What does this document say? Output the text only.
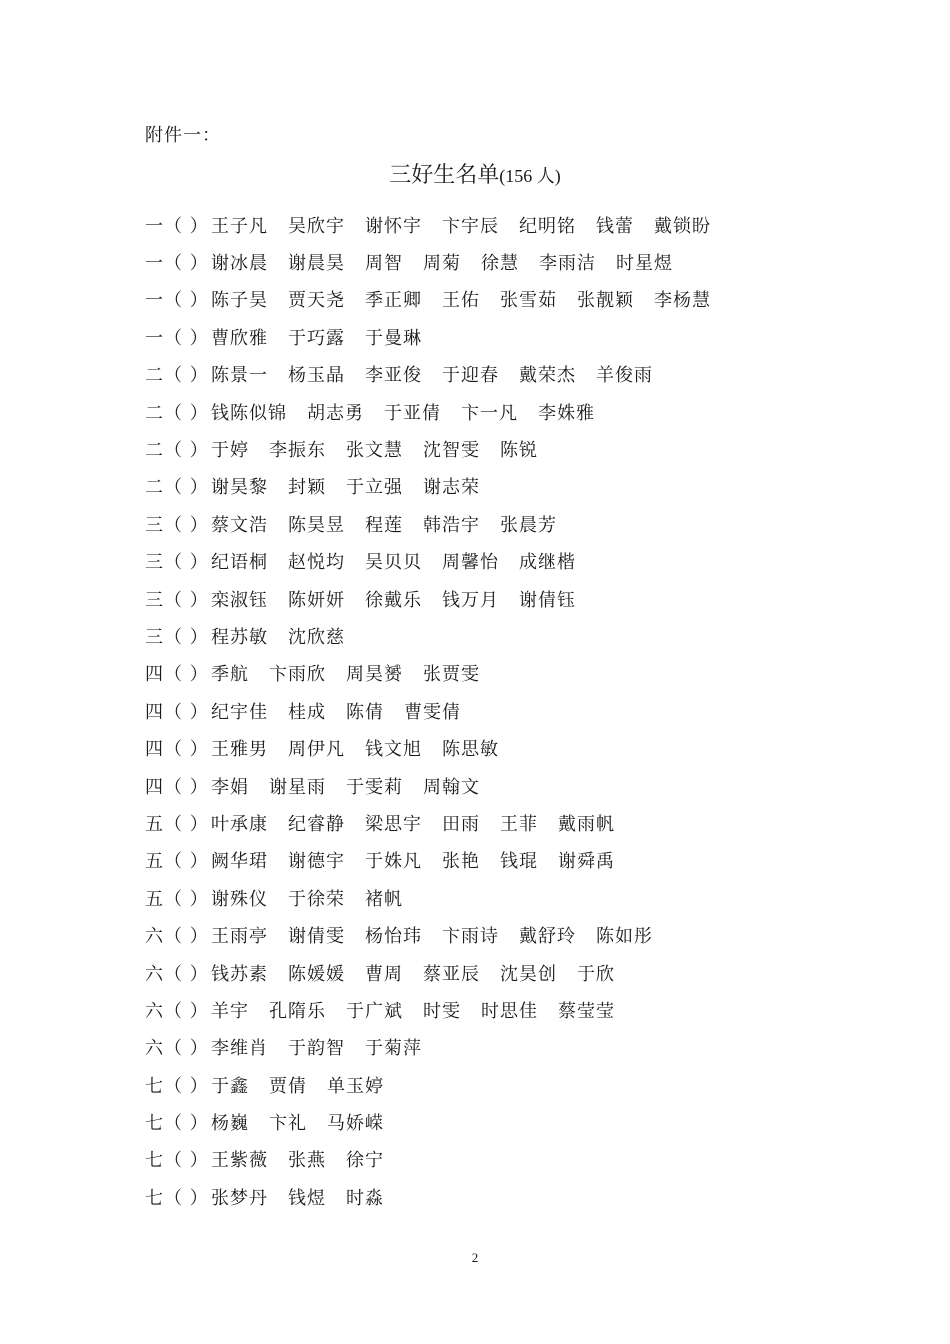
附件一：
三好生名单(156 人)
一（ ） 王子凡 吴欣宇 谢怀宇 卞宇辰 纪明铭 钱蕾 戴锁盼
一（ ） 谢冰晨 谢晨昊 周智 周菊 徐慧 李雨洁 时星煜
一（ ） 陈子昊 贾天尧 季正卿 王佑 张雪茹 张靓颖 李杨慧
一（ ） 曹欣雅 于巧露 于曼琳
二（ ） 陈景一 杨玉晶 李亚俊 于迎春 戴荣杰 羊俊雨
二（ ） 钱陈似锦 胡志勇 于亚倩 卞一凡 李姝雅
二（ ） 于婷 李振东 张文慧 沈智雯 陈锐
二（ ） 谢昊黎 封颖 于立强 谢志荣
三（ ） 蔡文浩 陈昊昱 程莲 韩浩宇 张晨芳
三（ ） 纪语桐 赵悦均 吴贝贝 周馨怡 成继楷
三（ ） 栾淑钰 陈妍妍 徐戴乐 钱万月 谢倩钰
三（ ） 程苏敏 沈欣慈
四（ ） 季航 卞雨欣 周昊赟 张贾雯
四（ ） 纪宇佳 桂成 陈倩 曹雯倩
四（ ） 王雅男 周伊凡 钱文旭 陈思敏
四（ ） 李娟 谢星雨 于雯莉 周翰文
五（ ） 叶承康 纪睿静 梁思宇 田雨 王菲 戴雨帆
五（ ） 阙华珺 谢德宇 于姝凡 张艳 钱琨 谢舜禹
五（ ） 谢殊仪 于徐荣 褚帆
六（ ） 王雨亭 谢倩雯 杨怡玮 卞雨诗 戴舒玲 陈如彤
六（ ） 钱苏素 陈媛媛 曹周 蔡亚辰 沈昊创 于欣
六（ ） 羊宇 孔隋乐 于广斌 时雯 时思佳 蔡莹莹
六（ ） 李维肖 于韵智 于菊萍
七（ ） 于鑫 贾倩 单玉婷
七（ ） 杨巍 卞礼 马娇嵘
七（ ） 王紫薇 张燕 徐宁
七（ ） 张梦丹 钱煜 时淼
2
